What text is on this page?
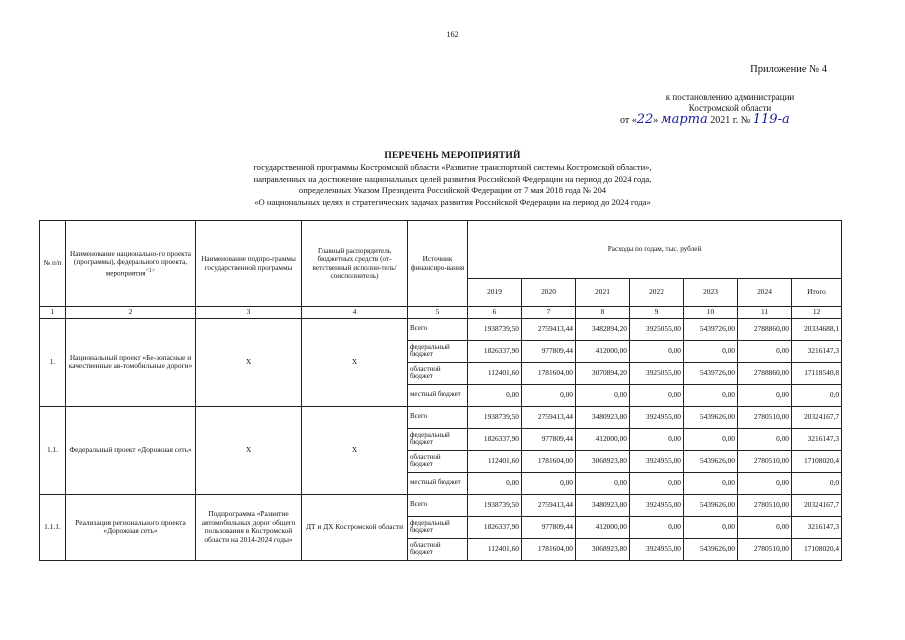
162
Приложение № 4
к постановлению администрации
Костромской области
от «22» марта 2021 г. № 119-а
ПЕРЕЧЕНЬ МЕРОПРИЯТИЙ
государственной программы Костромской области «Развитие транспортной системы Костромской области»,
направленных на достижение национальных целей развития Российской Федерации на период до 2024 года,
определенных Указом Президента Российской Федерации от 7 мая 2018 года № 204
«О национальных целях и стратегических задачах развития Российской Федерации на период до 2024 года»
№ п/п	Наименование национально-го проекта (программы), федерального проекта, мероприятия$^{<1>}$	Наименование подпро-граммы государственной программы	Главный распорядитель бюджетных средств (от-ветственный исполни-тель/соисполнитель)	Источник финансиро-вания	Расходы по годам, тыс. рублей						
					2019	2020	2021	2022	2023	2024	Итого
1	2	3	4	5	6	7	8	9	10	11	12
1.	Национальный проект «Бе-зопасные и качественные ав-томобильные дороги»	Х	Х	Всего	1938739,50	2759413,44	3482894,20	3925055,00	5439726,00	2788860,00	20334688,1
				федеральный бюджет	1826337,90	977809,44	412000,00	0,00	0,00	0,00	3216147,3
				областной бюджет	112401,60	1781604,00	3070894,20	3925055,00	5439726,00	2788860,00	17118540,8
				местный бюджет	0,00	0,00	0,00	0,00	0,00	0,00	0,0
1.1.	Федеральный проект «Дорожная сеть»	Х	Х	Всего	1938739,50	2759413,44	3480923,80	3924955,00	5439626,00	2780510,00	20324167,7
				федеральный бюджет	1826337,90	977809,44	412000,00	0,00	0,00	0,00	3216147,3
				областной бюджет	112401,60	1781604,00	3068923,80	3924955,00	5439626,00	2780510,00	17108020,4
				местный бюджет	0,00	0,00	0,00	0,00	0,00	0,00	0,0
1.1.1.	Реализация регионального проекта «Дорожная сеть»	Подпрограмма «Развитие автомобильных дорог общего пользования в Костромской области на 2014-2024 годы»	ДТ и ДХ Костромской области	Всего	1938739,50	2759413,44	3480923,80	3924955,00	5439626,00	2780510,00	20324167,7
				федеральный бюджет	1826337,90	977809,44	412000,00	0,00	0,00	0,00	3216147,3
				областной бюджет	112401,60	1781604,00	3068923,80	3924955,00	5439626,00	2780510,00	17108020,4
